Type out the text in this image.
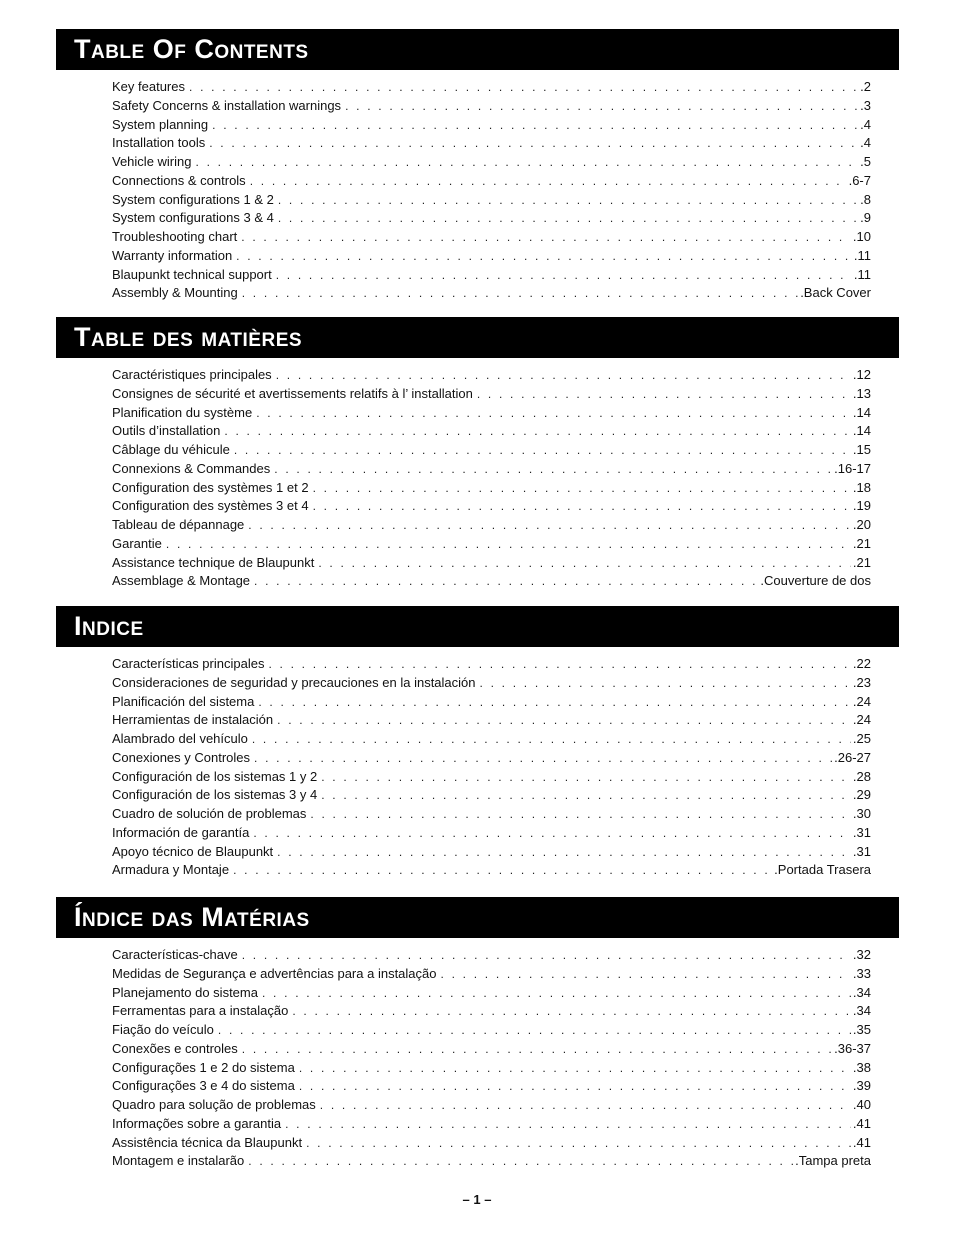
Table Of Contents
Key features . . .	.2
Safety Concerns & installation warnings . . .	.3
System planning . . .	.4
Installation tools . . .	.4
Vehicle wiring . . .	.5
Connections & controls . . .	.6-7
System configurations 1 & 2 . . .	.8
System configurations 3 & 4 . . .	.9
Troubleshooting chart . . .	.10
Warranty information . . .	.11
Blaupunkt technical support . . .	.11
Assembly & Mounting . . .	.Back Cover
Table des matières
Caractéristiques principales . . .	.12
Consignes de sécurité et avertissements relatifs à l’ installation . . .	.13
Planification du système . . .	.14
Outils d’installation . . .	.14
Câblage du véhicule . . .	.15
Connexions & Commandes . . .	.16-17
Configuration des systèmes 1 et 2 . . .	.18
Configuration des systèmes 3 et 4 . . .	.19
Tableau de dépannage . . .	.20
Garantie . . .	.21
Assistance technique de Blaupunkt . . .	.21
Assemblage & Montage . . .	.Couverture de dos
Indice
Características principales . . .	.22
Consideraciones de seguridad y precauciones en la instalación . . .	.23
Planificación del sistema . . .	.24
Herramientas de instalación . . .	.24
Alambrado del vehículo . . .	.25
Conexiones y Controles . . .	.26-27
Configuración de los sistemas 1 y 2 . . .	.28
Configuración de los sistemas 3 y 4 . . .	.29
Cuadro de solución de problemas . . .	.30
Información de garantía . . .	.31
Apoyo técnico de Blaupunkt . . .	.31
Armadura y Montaje . . .	.Portada Trasera
Índice das Matérias
Características-chave . . .	.32
Medidas de Segurança e advertências para a instalação . . .	.33
Planejamento do sistema . . .	.34
Ferramentas para a instalação . . .	.34
Fiação do veículo . . .	.35
Conexões e controles . . .	.36-37
Configurações 1 e 2 do sistema . . .	.38
Configurações 3 e 4 do sistema . . .	.39
Quadro para solução de problemas . . .	.40
Informações sobre a garantia . . .	.41
Assistência técnica da Blaupunkt . . .	.41
Montagem e instalarão . . .	.Tampa preta
– 1 –
